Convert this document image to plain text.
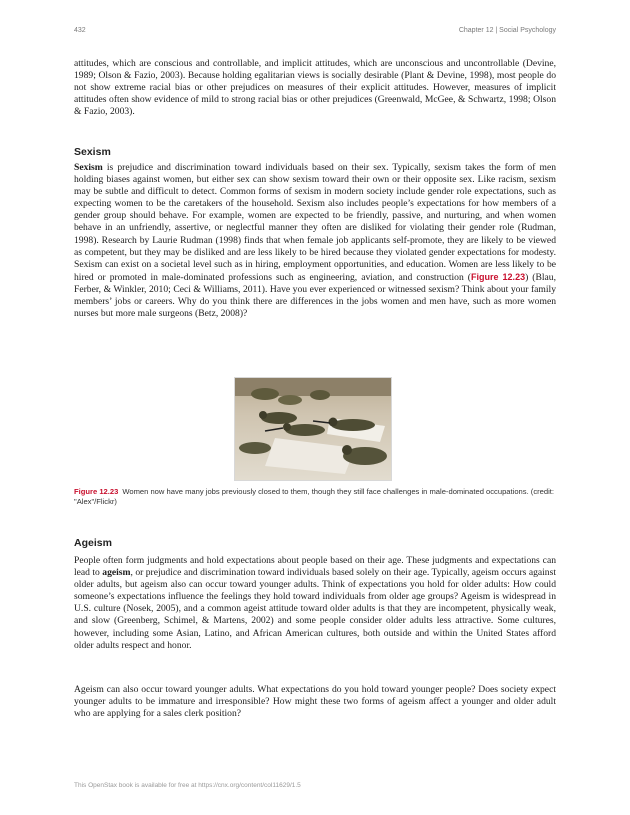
432	Chapter 12 | Social Psychology

attitudes, which are conscious and controllable, and implicit attitudes, which are unconscious and uncontrollable (Devine, 1989; Olson & Fazio, 2003). Because holding egalitarian views is socially desirable (Plant & Devine, 1998), most people do not show extreme racial bias or other prejudices on measures of their explicit attitudes. However, measures of implicit attitudes often show evidence of mild to strong racial bias or other prejudices (Greenwald, McGee, & Schwartz, 1998; Olson & Fazio, 2003).

Sexism

Sexism is prejudice and discrimination toward individuals based on their sex. Typically, sexism takes the form of men holding biases against women, but either sex can show sexism toward their own or their opposite sex. Like racism, sexism may be subtle and difficult to detect. Common forms of sexism in modern society include gender role expectations, such as expecting women to be the caretakers of the household. Sexism also includes people’s expectations for how members of a gender group should behave. For example, women are expected to be friendly, passive, and nurturing, and when women behave in an unfriendly, assertive, or neglectful manner they often are disliked for violating their gender role (Rudman, 1998). Research by Laurie Rudman (1998) finds that when female job applicants self-promote, they are likely to be viewed as competent, but they may be disliked and are less likely to be hired because they violated gender expectations for modesty. Sexism can exist on a societal level such as in hiring, employment opportunities, and education. Women are less likely to be hired or promoted in male-dominated professions such as engineering, aviation, and construction (Figure 12.23) (Blau, Ferber, & Winkler, 2010; Ceci & Williams, 2011). Have you ever experienced or witnessed sexism? Think about your family members’ jobs or careers. Why do you think there are differences in the jobs women and men have, such as more women nurses but more male surgeons (Betz, 2008)?

Figure 12.23 Women now have many jobs previously closed to them, though they still face challenges in male-dominated occupations. (credit: "Alex"/Flickr)
Ageism

People often form judgments and hold expectations about people based on their age. These judgments and expectations can lead to ageism, or prejudice and discrimination toward individuals based solely on their age. Typically, ageism occurs against older adults, but ageism also can occur toward younger adults. Think of expectations you hold for older adults: How could someone’s expectations influence the feelings they hold toward individuals from older age groups? Ageism is widespread in U.S. culture (Nosek, 2005), and a common ageist attitude toward older adults is that they are incompetent, physically weak, and slow (Greenberg, Schimel, & Martens, 2002) and some people consider older adults less attractive. Some cultures, however, including some Asian, Latino, and African American cultures, both outside and within the United States afford older adults respect and honor.

Ageism can also occur toward younger adults. What expectations do you hold toward younger people? Does society expect younger adults to be immature and irresponsible? How might these two forms of ageism affect a younger and older adult who are applying for a sales clerk position?

This OpenStax book is available for free at https://cnx.org/content/col11629/1.5
